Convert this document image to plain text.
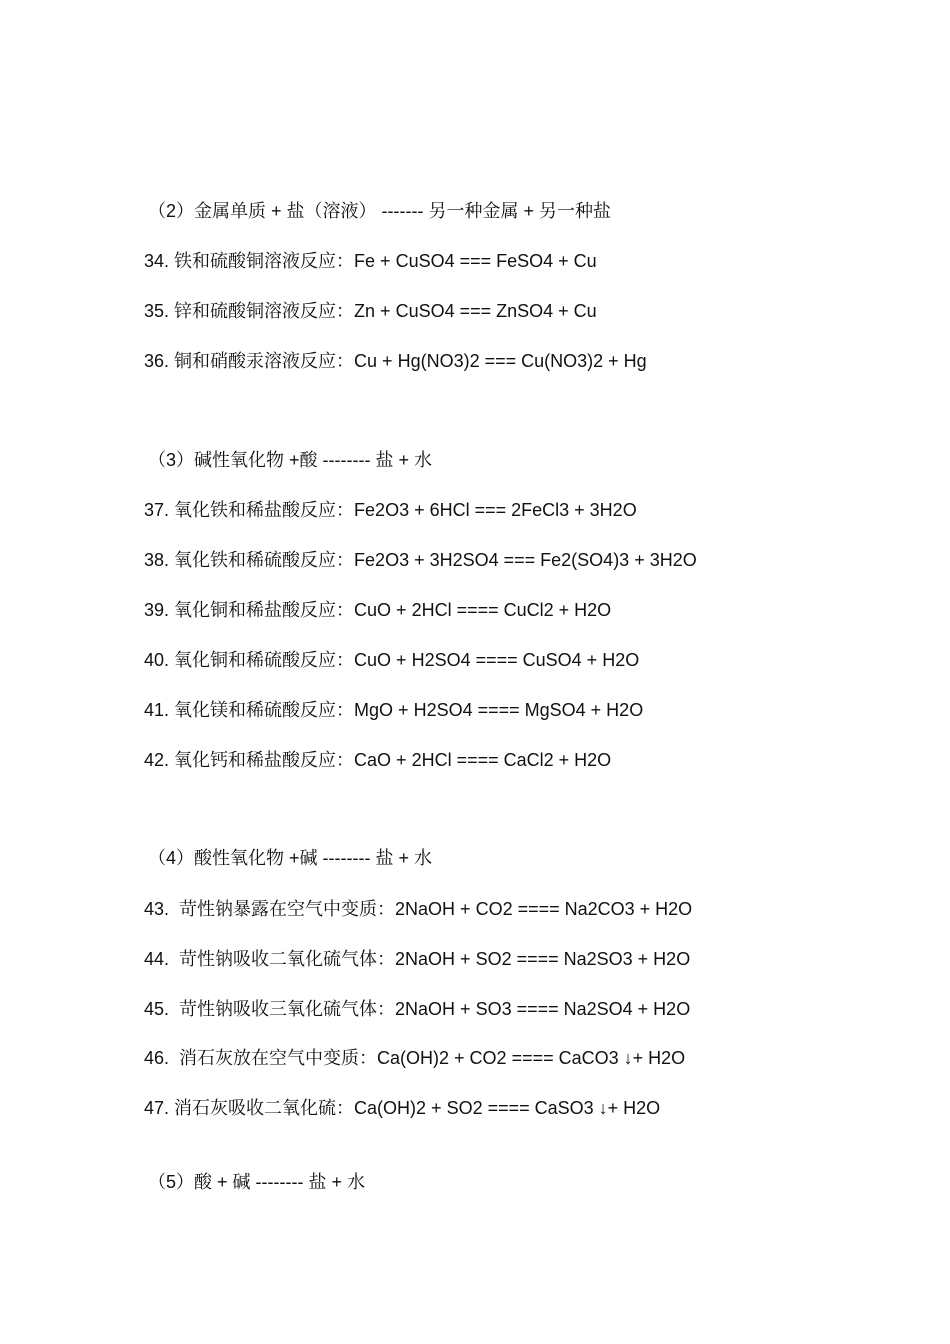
（2）金属单质 + 盐（溶液） ------- 另一种金属 + 另一种盐
34. 铁和硫酸铜溶液反应：Fe + CuSO4 === FeSO4 + Cu
35. 锌和硫酸铜溶液反应：Zn + CuSO4 === ZnSO4 + Cu
36. 铜和硝酸汞溶液反应：Cu + Hg(NO3)2 === Cu(NO3)2 + Hg
（3）碱性氧化物 +酸 -------- 盐 + 水
37. 氧化铁和稀盐酸反应：Fe2O3 + 6HCl === 2FeCl3 + 3H2O
38. 氧化铁和稀硫酸反应：Fe2O3 + 3H2SO4 === Fe2(SO4)3 + 3H2O
39. 氧化铜和稀盐酸反应：CuO + 2HCl ==== CuCl2 + H2O
40. 氧化铜和稀硫酸反应：CuO + H2SO4 ==== CuSO4 + H2O
41. 氧化镁和稀硫酸反应：MgO + H2SO4 ==== MgSO4 + H2O
42. 氧化钙和稀盐酸反应：CaO + 2HCl ==== CaCl2 + H2O
（4）酸性氧化物 +碱 -------- 盐 + 水
43. 苛性钠暴露在空气中变质：2NaOH + CO2 ==== Na2CO3 + H2O
44. 苛性钠吸收二氧化硫气体：2NaOH + SO2 ==== Na2SO3 + H2O
45. 苛性钠吸收三氧化硫气体：2NaOH + SO3 ==== Na2SO4 + H2O
46. 消石灰放在空气中变质：Ca(OH)2 + CO2 ==== CaCO3 ↓+ H2O
47. 消石灰吸收二氧化硫：Ca(OH)2 + SO2 ==== CaSO3 ↓+ H2O
（5）酸 + 碱 -------- 盐 + 水
